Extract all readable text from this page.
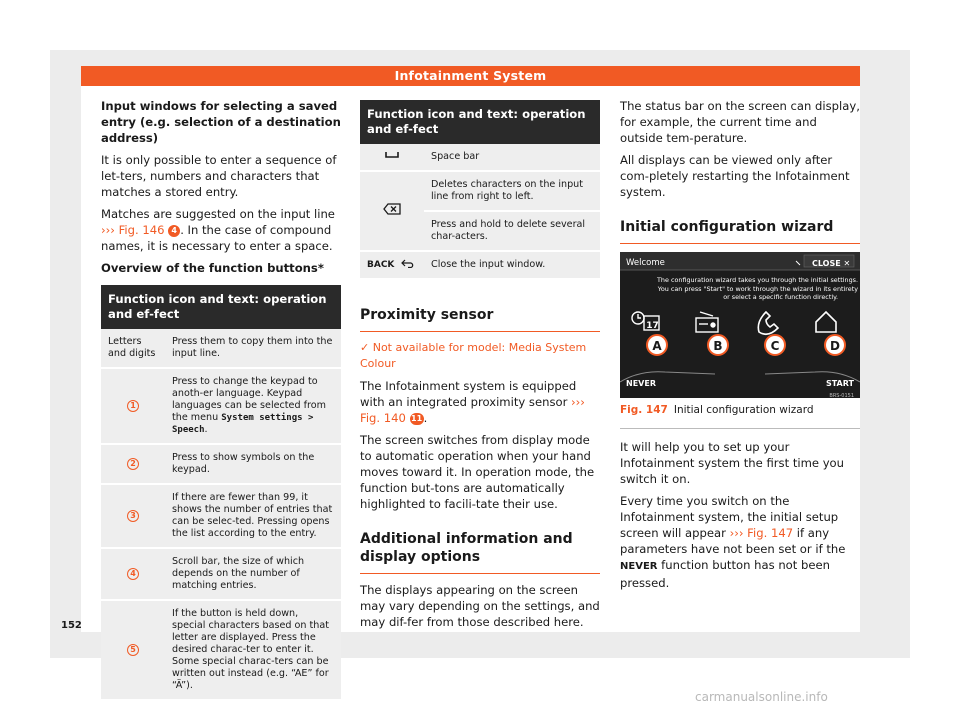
Infotainment System

Input windows for selecting a saved entry (e.g. selection of a destination address)

It is only possible to enter a sequence of let-ters, numbers and characters that matches a stored entry.

Matches are suggested on the input line ››› Fig. 146 4 . In the case of compound names, it is necessary to enter a space.

Overview of the function buttons*

Function icon and text: operation and ef-fect	
Letters and digits	Press them to copy them into the input line.
1	Press to change the keypad to anoth-er language. Keypad languages can be selected from the menu System settings > Speech.
2	Press to show symbols on the keypad.
3	If there are fewer than 99, it shows the number of entries that can be selec-ted. Pressing opens the list according to the entry.
4	Scroll bar, the size of which depends on the number of matching entries.
5	If the button is held down, special characters based on that letter are displayed. Press the desired charac-ter to enter it. Some special charac-ters can be written out instead (e.g. “AE” for “Ä”).
Function icon and text: operation and ef-fect	
	Space bar
	Deletes characters on the input line from right to left.
	Press and hold to delete several char-acters.
BACK	Close the input window.
Proximity sensor
✓ Not available for model: Media System Colour

The Infotainment system is equipped with an integrated proximity sensor ››› Fig. 140 11.

The screen switches from display mode to automatic operation when your hand moves toward it. In operation mode, the function but-tons are automatically highlighted to facili-tate their use.

Additional information and display options

The displays appearing on the screen may vary depending on the settings, and may dif-fer from those described here.

The status bar on the screen can display, for example, the current time and outside tem-perature.

All displays can be viewed only after com-pletely restarting the Infotainment system.

Initial configuration wizard
Welcome	CLOSE ✕
The configuration wizard takes you through the initial settings.
You can press "Start" to work through the wizard in its entirety
or select a specific function directly.
17
A	B	C	D
NEVER	START
BRS-0151
Fig. 147 Initial configuration wizard

It will help you to set up your Infotainment system the first time you switch it on.

Every time you switch on the Infotainment system, the initial setup screen will appear ››› Fig. 147 if any parameters have not been set or if the NEVER function button has not been pressed.

152
carmanualsonline.info
